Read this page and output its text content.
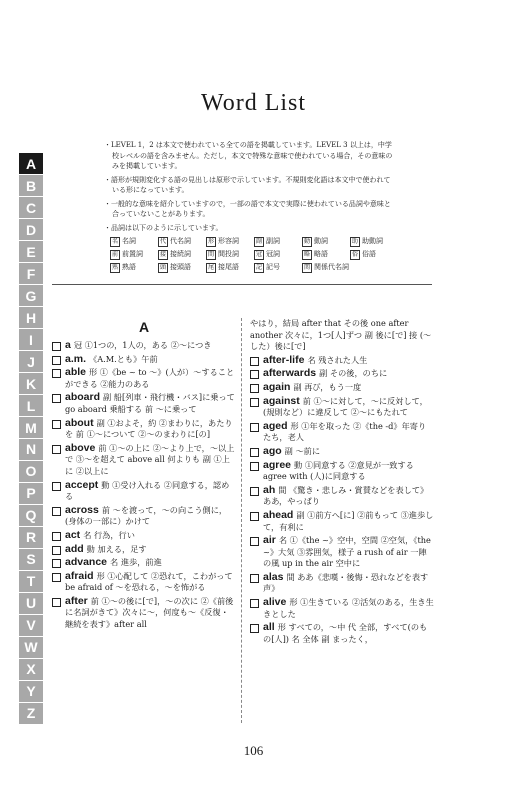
Word List
・LEVEL 1，2 は本文で使われている全ての語を掲載しています。LEVEL 3 以上は，中学校レベルの語を含みません。ただし，本文で特殊な意味で使われている場合，その意味のみを掲載しています。
・語形が規則変化する語の見出しは原形で示しています。不規則変化語は本文中で使われている形になっています。
・一般的な意味を紹介していますので，一部の語で本文で実際に使われている品詞や意味と合っていないことがあります。
・品詞は以下のように示しています。
名 名詞	代 代名詞	形 形容詞	副 副詞	動 動詞	助 助動詞
前 前置詞	接 接続詞	間 間投詞	冠 冠詞	略 略語	俗 俗語
熟 熟語	頭 接頭語	尾 接尾語	記 記号	関 関係代名詞
A
B
C
D
E
F
G
H
I
J
K
L
M
N
O
P
Q
R
S
T
U
V
W
X
Y
Z
A
a 冠 ①1つの，1人の，ある ②～につき
a.m. 《A.M.とも》午前
able 形 ①《be ~ to ～》(人が）～することができる ②能力のある
aboard 副 船[列車・飛行機・バス]に乗って go aboard 乗船する 前 ～に乗って
about 副 ①およそ，約 ②まわりに，あたりを 前 ①～について ②～のまわりに[の]
above 前 ①～の上に ②～より上で，～以上で ③～を超えて above all 何よりも 副 ①上に ②以上に
accept 動 ①受け入れる ②同意する，認める
across 前 ～を渡って，～の向こう側に，(身体の一部に）かけて
act 名 行為，行い
add 動 加える，足す
advance 名 進歩，前進
afraid 形 ①心配して ②恐れて，こわがって be afraid of ～を恐れる，～を怖がる
after 前 ①～の後に[で]，～の次に ②《前後に名詞がきて》次々に～，何度も～《反復・継続を表す》after all
やはり，結局 after that その後 one after another 次々に，1つ[人]ずつ 副 後に[で] 接 (～した）後に[で]
after-life 名 残された人生
afterwards 副 その後，のちに
again 副 再び，もう一度
against 前 ①～に対して，～に反対して，(規則など）に違反して ②～にもたれて
aged 形 ①年を取った ②《the -d》年寄りたち，老人
ago 副 ～前に
agree 動 ①同意する ②意見が一致する agree with (人)に同意する
ah 間 《驚き・悲しみ・賞賛などを表して》ああ，やっぱり
ahead 副 ①前方へ[に] ②前もって ③進歩して，有利に
air 名 ①《the ~》空中，空間 ②空気，《the ~》大気 ③雰囲気，様子 a rush of air 一陣の風 up in the air 空中に
alas 間 ああ《悲嘆・後悔・恐れなどを表す声》
alive 形 ①生きている ②活気のある，生き生きとした
all 形 すべての，～中 代 全部，すべて(のもの[人]) 名 全体 副 まったく，
106
